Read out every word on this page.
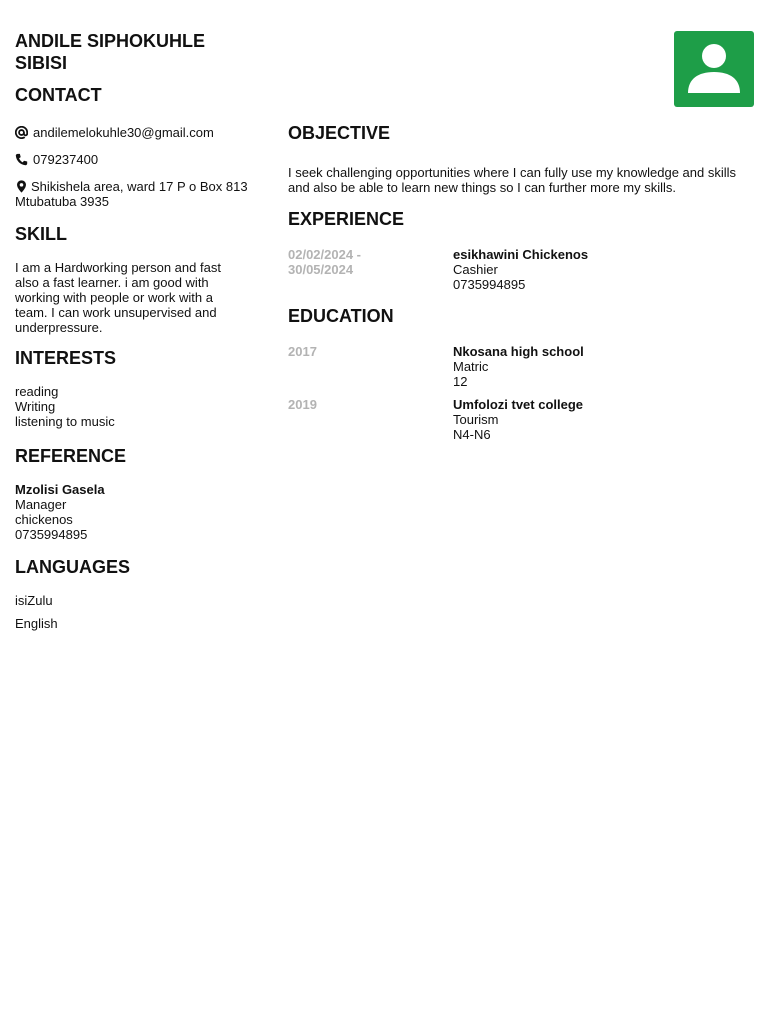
ANDILE SIPHOKUHLE SIBISI
CONTACT
andilemelokuhle30@gmail.com
079237400
Shikishela area, ward 17 P o Box 813 Mtubatuba 3935
SKILL
I am a Hardworking person and fast also a fast learner. i am good with working with people or work with a team. I can work unsupervised and underpressure.
INTERESTS
reading
Writing
listening to music
REFERENCE
Mzolisi Gasela
Manager
chickenos
0735994895
LANGUAGES
isiZulu
English
OBJECTIVE
I seek challenging opportunities where I can fully use my knowledge and skills and also be able to learn new things so I can further more my skills.
EXPERIENCE
02/02/2024 - 30/05/2024
esikhawini Chickenos
Cashier
0735994895
EDUCATION
2017	Nkosana high school
Matric
12
2019	Umfolozi tvet college
Tourism
N4-N6
